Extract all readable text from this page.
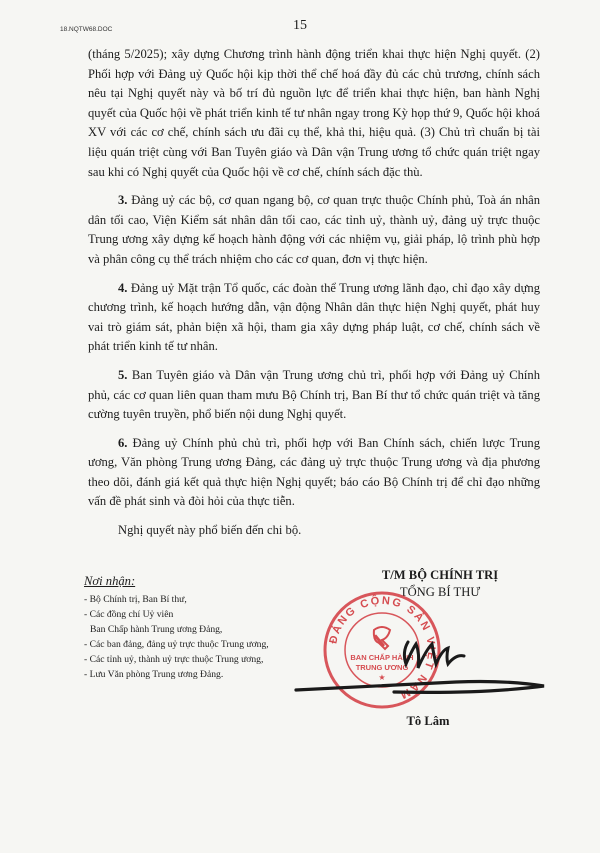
18.NQTW68.DOC	15

(tháng 5/2025); xây dựng Chương trình hành động triển khai thực hiện Nghị quyết. (2) Phối hợp với Đảng uỷ Quốc hội kịp thời thể chế hoá đầy đủ các chủ trương, chính sách nêu tại Nghị quyết này và bố trí đủ nguồn lực để triển khai thực hiện, ban hành Nghị quyết của Quốc hội về phát triển kinh tế tư nhân ngay trong Kỳ họp thứ 9, Quốc hội khoá XV với các cơ chế, chính sách ưu đãi cụ thể, khả thi, hiệu quả. (3) Chủ trì chuẩn bị tài liệu quán triệt cùng với Ban Tuyên giáo và Dân vận Trung ương tổ chức quán triệt ngay sau khi có Nghị quyết của Quốc hội về cơ chế, chính sách đặc thù.

3. Đảng uỷ các bộ, cơ quan ngang bộ, cơ quan trực thuộc Chính phủ, Toà án nhân dân tối cao, Viện Kiểm sát nhân dân tối cao, các tỉnh uỷ, thành uỷ, đảng uỷ trực thuộc Trung ương xây dựng kế hoạch hành động với các nhiệm vụ, giải pháp, lộ trình phù hợp và phân công cụ thể trách nhiệm cho các cơ quan, đơn vị thực hiện.

4. Đảng uỷ Mặt trận Tổ quốc, các đoàn thể Trung ương lãnh đạo, chỉ đạo xây dựng chương trình, kế hoạch hướng dẫn, vận động Nhân dân thực hiện Nghị quyết, phát huy vai trò giám sát, phản biện xã hội, tham gia xây dựng pháp luật, cơ chế, chính sách về phát triển kinh tế tư nhân.

5. Ban Tuyên giáo và Dân vận Trung ương chủ trì, phối hợp với Đảng uỷ Chính phủ, các cơ quan liên quan tham mưu Bộ Chính trị, Ban Bí thư tổ chức quán triệt và tăng cường tuyên truyền, phổ biến nội dung Nghị quyết.

6. Đảng uỷ Chính phủ chủ trì, phối hợp với Ban Chính sách, chiến lược Trung ương, Văn phòng Trung ương Đảng, các đảng uỷ trực thuộc Trung ương và địa phương theo dõi, đánh giá kết quả thực hiện Nghị quyết; báo cáo Bộ Chính trị để chỉ đạo những vấn đề phát sinh và đòi hỏi của thực tiễn.

Nghị quyết này phổ biến đến chi bộ.

Nơi nhận:
- Bộ Chính trị, Ban Bí thư,
- Các đồng chí Uỷ viên
Ban Chấp hành Trung ương Đảng,
- Các ban đảng, đảng uỷ trực thuộc Trung ương,
- Các tỉnh uỷ, thành uỷ trực thuộc Trung ương,
- Lưu Văn phòng Trung ương Đảng.
T/M BỘ CHÍNH TRỊ
TỔNG BÍ THƯ
ĐẢNG CỘNG SẢN VIỆT NAM
BAN CHẤP HÀNH
TRUNG ƯƠNG
★
Tô Lâm
